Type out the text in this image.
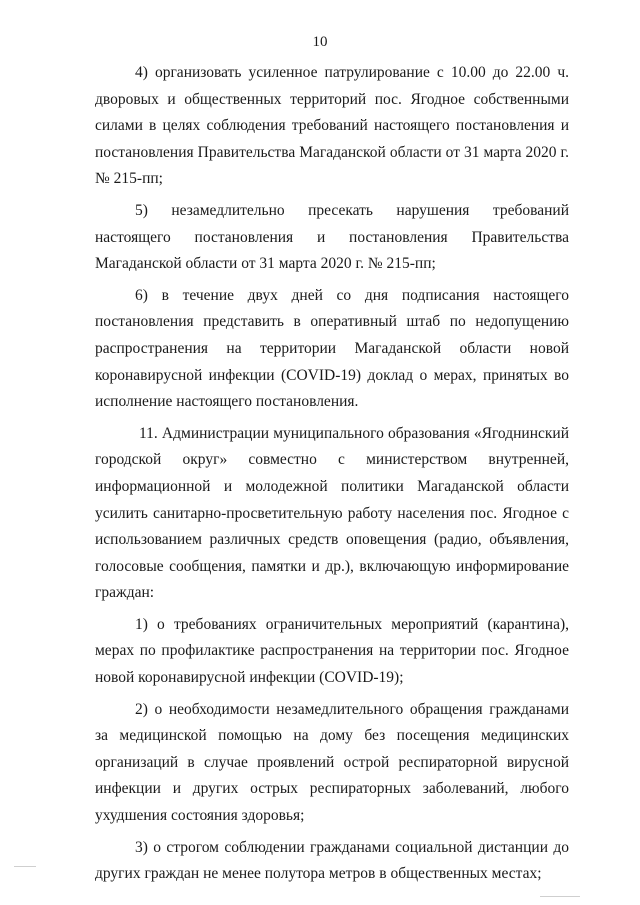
10

4) организовать усиленное патрулирование с 10.00 до 22.00 ч. дворовых и общественных территорий пос. Ягодное собственными силами в целях соблюдения требований настоящего постановления и постановления Правительства Магаданской области от 31 марта 2020 г. № 215-пп;

5) незамедлительно пресекать нарушения требований настоящего постановления и постановления Правительства Магаданской области от 31 марта 2020 г. № 215-пп;

6) в течение двух дней со дня подписания настоящего постановления представить в оперативный штаб по недопущению распространения на территории Магаданской области новой коронавирусной инфекции (COVID-19) доклад о мерах, принятых во исполнение настоящего постановления.

11. Администрации муниципального образования «Ягоднинский городской округ» совместно с министерством внутренней, информационной и молодежной политики Магаданской области усилить санитарно-просветительную работу населения пос. Ягодное с использованием различных средств оповещения (радио, объявления, голосовые сообщения, памятки и др.), включающую информирование граждан:

1) о требованиях ограничительных мероприятий (карантина), мерах по профилактике распространения на территории пос. Ягодное новой коронавирусной инфекции (COVID-19);

2) о необходимости незамедлительного обращения гражданами за медицинской помощью на дому без посещения медицинских организаций в случае проявлений острой респираторной вирусной инфекции и других острых респираторных заболеваний, любого ухудшения состояния здоровья;

3) о строгом соблюдении гражданами социальной дистанции до других граждан не менее полутора метров в общественных местах;
